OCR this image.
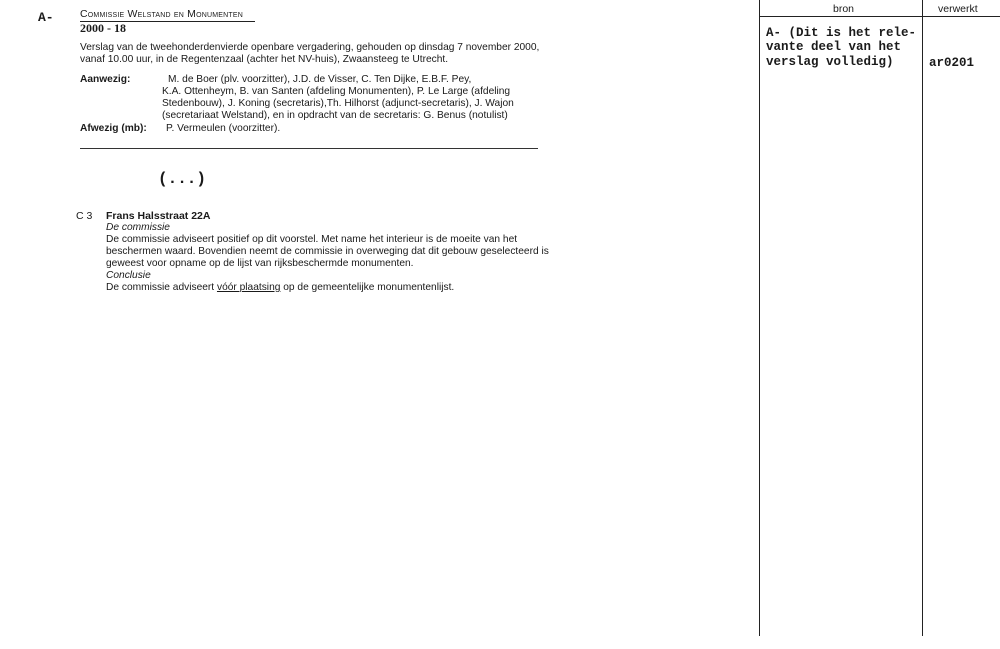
A-	Commissie Welstand en Monumenten
2000 - 18
Verslag van de tweehonderdenvierde openbare vergadering, gehouden op dinsdag 7 november 2000,
vanaf 10.00 uur, in de Regentenzaal (achter het NV-huis), Zwaansteeg te Utrecht.
Aanwezig:	M. de Boer (plv. voorzitter), J.D. de Visser, C. Ten Dijke, E.B.F. Pey,
K.A. Ottenheym, B. van Santen (afdeling Monumenten), P. Le Large (afdeling
Stedenbouw), J. Koning (secretaris),Th. Hilhorst (adjunct-secretaris), J. Wajon
(secretariaat Welstand), en in opdracht van de secretaris: G. Benus (notulist)
Afwezig (mb): P. Vermeulen (voorzitter).
(...)
C 3 Frans Halsstraat 22A
De commissie
De commissie adviseert positief op dit voorstel. Met name het interieur is de moeite van het
beschermen waard. Bovendien neemt de commissie in overweging dat dit gebouw geselecteerd is
geweest voor opname op de lijst van rijksbeschermde monumenten.
Conclusie
De commissie adviseert vóór plaatsing op de gemeentelijke monumentenlijst.
bron	verwerkt
A- (Dit is het rele-
vante deel van het
verslag volledig)	ar0201
